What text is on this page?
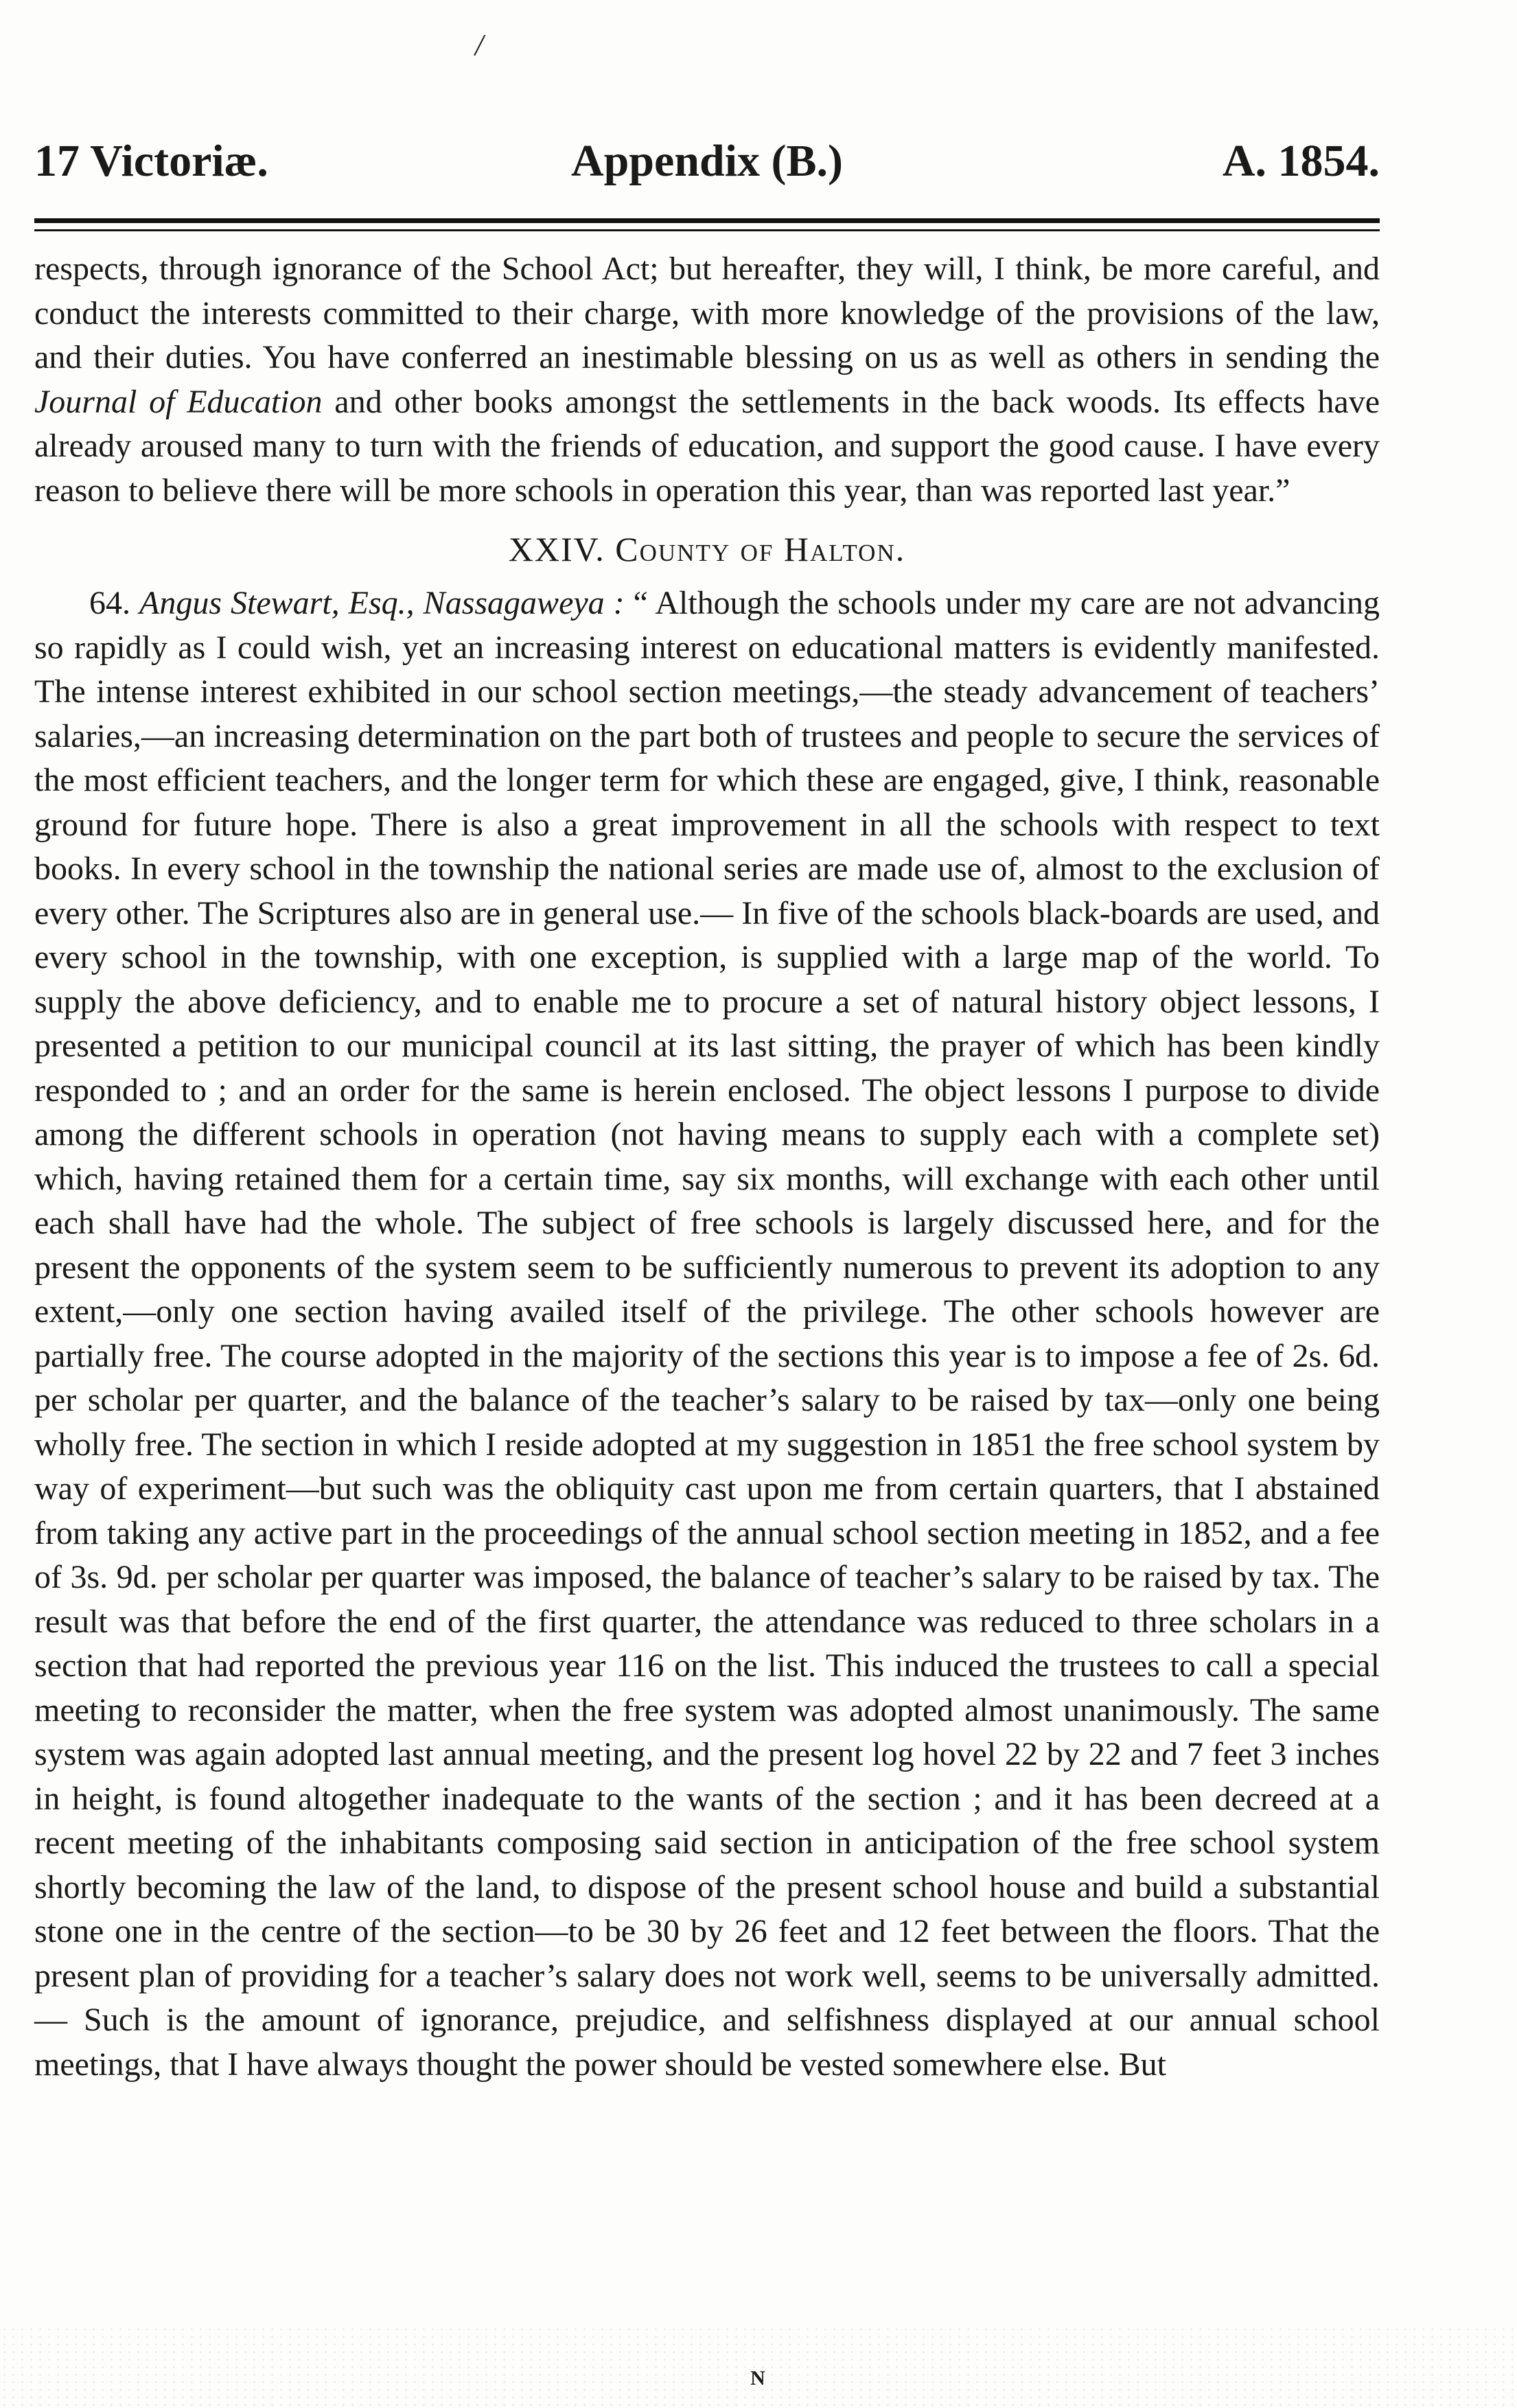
/
17 Victoriæ.	Appendix (B.)	A. 1854.

respects, through ignorance of the School Act; but hereafter, they will, I think, be more careful, and conduct the interests committed to their charge, with more knowledge of the provisions of the law, and their duties. You have conferred an inestimable blessing on us as well as others in sending the Journal of Education and other books amongst the settlements in the back woods. Its effects have already aroused many to turn with the friends of education, and support the good cause. I have every reason to believe there will be more schools in operation this year, than was reported last year.”

XXIV. County of Halton.

64. Angus Stewart, Esq., Nassagaweya : “ Although the schools under my care are not advancing so rapidly as I could wish, yet an increasing interest on educational matters is evidently manifested. The intense interest exhibited in our school section meetings,—the steady advancement of teachers’ salaries,—an increasing determination on the part both of trustees and people to secure the services of the most efficient teachers, and the longer term for which these are engaged, give, I think, reasonable ground for future hope. There is also a great improvement in all the schools with respect to text books. In every school in the township the national series are made use of, almost to the exclusion of every other. The Scriptures also are in general use.— In five of the schools black-boards are used, and every school in the township, with one exception, is supplied with a large map of the world. To supply the above deficiency, and to enable me to procure a set of natural history object lessons, I presented a petition to our municipal council at its last sitting, the prayer of which has been kindly responded to ; and an order for the same is herein enclosed. The object lessons I purpose to divide among the different schools in operation (not having means to supply each with a complete set) which, having retained them for a certain time, say six months, will exchange with each other until each shall have had the whole. The subject of free schools is largely discussed here, and for the present the opponents of the system seem to be sufficiently numerous to prevent its adoption to any extent,—only one section having availed itself of the privilege. The other schools however are partially free. The course adopted in the majority of the sections this year is to impose a fee of 2s. 6d. per scholar per quarter, and the balance of the teacher’s salary to be raised by tax—only one being wholly free. The section in which I reside adopted at my suggestion in 1851 the free school system by way of experiment—but such was the obliquity cast upon me from certain quarters, that I abstained from taking any active part in the proceedings of the annual school section meeting in 1852, and a fee of 3s. 9d. per scholar per quarter was imposed, the balance of teacher’s salary to be raised by tax. The result was that before the end of the first quarter, the attendance was reduced to three scholars in a section that had reported the previous year 116 on the list. This induced the trustees to call a special meeting to reconsider the matter, when the free system was adopted almost unanimously. The same system was again adopted last annual meeting, and the present log hovel 22 by 22 and 7 feet 3 inches in height, is found altogether inadequate to the wants of the section ; and it has been decreed at a recent meeting of the inhabitants composing said section in anticipation of the free school system shortly becoming the law of the land, to dispose of the present school house and build a substantial stone one in the centre of the section—to be 30 by 26 feet and 12 feet between the floors. That the present plan of providing for a teacher’s salary does not work well, seems to be universally admitted.— Such is the amount of ignorance, prejudice, and selfishness displayed at our annual school meetings, that I have always thought the power should be vested somewhere else. But

N
